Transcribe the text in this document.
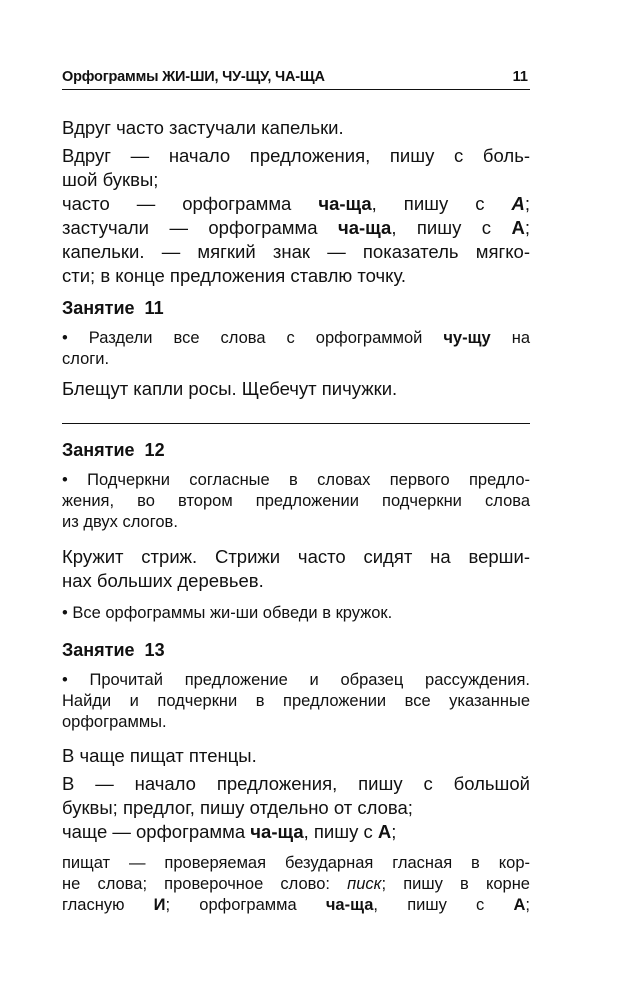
Орфограммы ЖИ-ШИ, ЧУ-ЩУ, ЧА-ЩА	11
Вдруг часто застучали капельки.
Вдруг — начало предложения, пишу с боль-
шой буквы;
часто — орфограмма ча-ща, пишу с А;
застучали — орфограмма ча-ща, пишу с А;
капельки. — мягкий знак — показатель мягко-
сти; в конце предложения ставлю точку.
Занятие 11
• Раздели все слова с орфограммой чу-щу на
слоги.
Блещут капли росы. Щебечут пичужки.
Занятие 12
• Подчеркни согласные в словах первого предло-
жения, во втором предложении подчеркни слова
из двух слогов.
Кружит стриж. Стрижи часто сидят на верши-
нах больших деревьев.
• Все орфограммы жи-ши обведи в кружок.
Занятие 13
• Прочитай предложение и образец рассуждения.
Найди и подчеркни в предложении все указанные
орфограммы.
В чаще пищат птенцы.
В — начало предложения, пишу с большой
буквы; предлог, пишу отдельно от слова;
чаще — орфограмма ча-ща, пишу с А;
пищат — проверяемая безударная гласная в кор-
не слова; проверочное слово: писк; пишу в корне
гласную И; орфограмма ча-ща, пишу с А;
